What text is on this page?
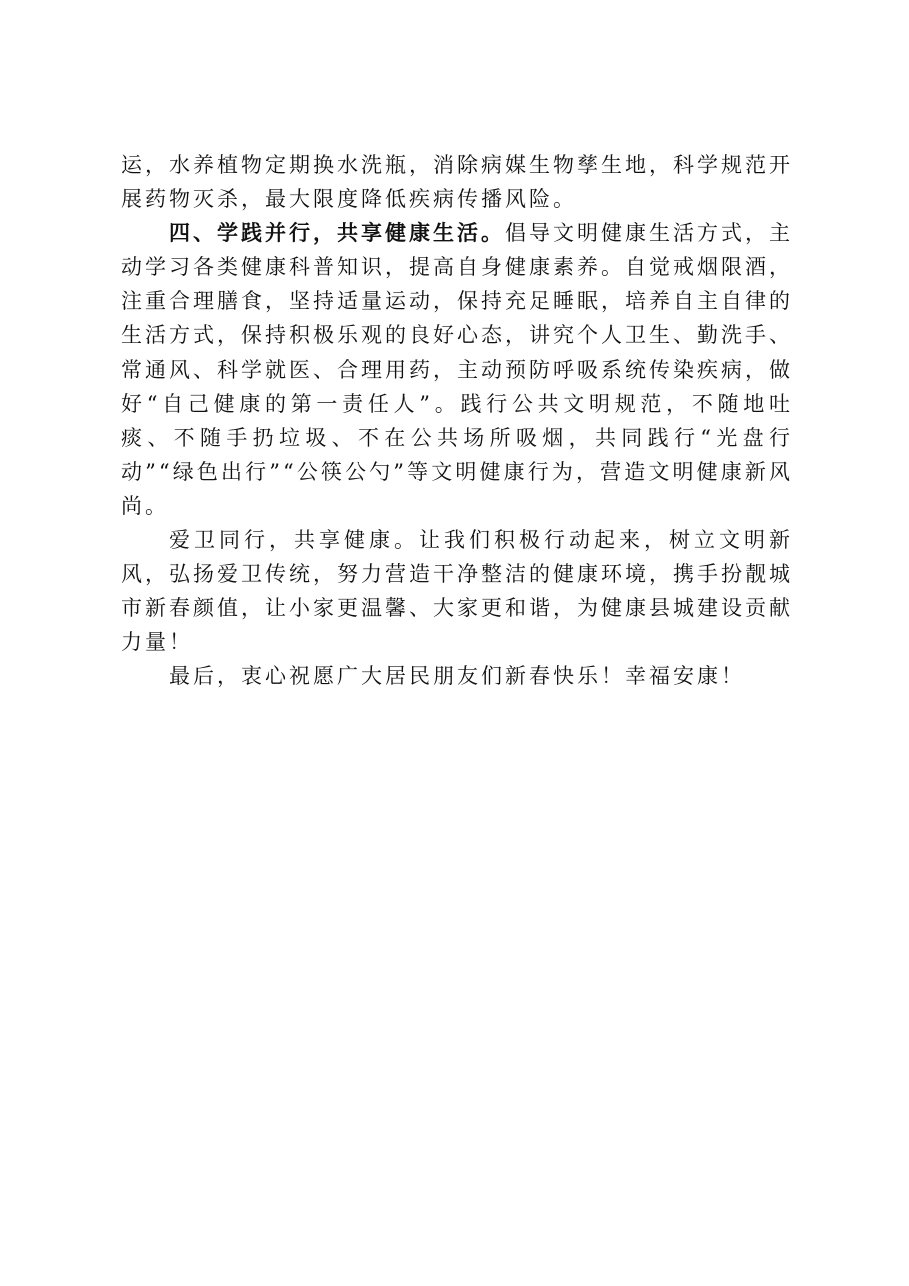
运，水养植物定期换水洗瓶，消除病媒生物孳生地，科学规范开展药物灭杀，最大限度降低疾病传播风险。

四、学践并行，共享健康生活。倡导文明健康生活方式，主动学习各类健康科普知识，提高自身健康素养。自觉戒烟限酒，注重合理膳食，坚持适量运动，保持充足睡眠，培养自主自律的生活方式，保持积极乐观的良好心态，讲究个人卫生、勤洗手、常通风、科学就医、合理用药，主动预防呼吸系统传染疾病，做好“自己健康的第一责任人”。践行公共文明规范，不随地吐痰、不随手扔垃圾、不在公共场所吸烟，共同践行“光盘行动”“绿色出行”“公筷公勺”等文明健康行为，营造文明健康新风尚。

爱卫同行，共享健康。让我们积极行动起来，树立文明新风，弘扬爱卫传统，努力营造干净整洁的健康环境，携手扮靓城市新春颜值，让小家更温馨、大家更和谐，为健康县城建设贡献力量！

最后，衷心祝愿广大居民朋友们新春快乐！幸福安康！
